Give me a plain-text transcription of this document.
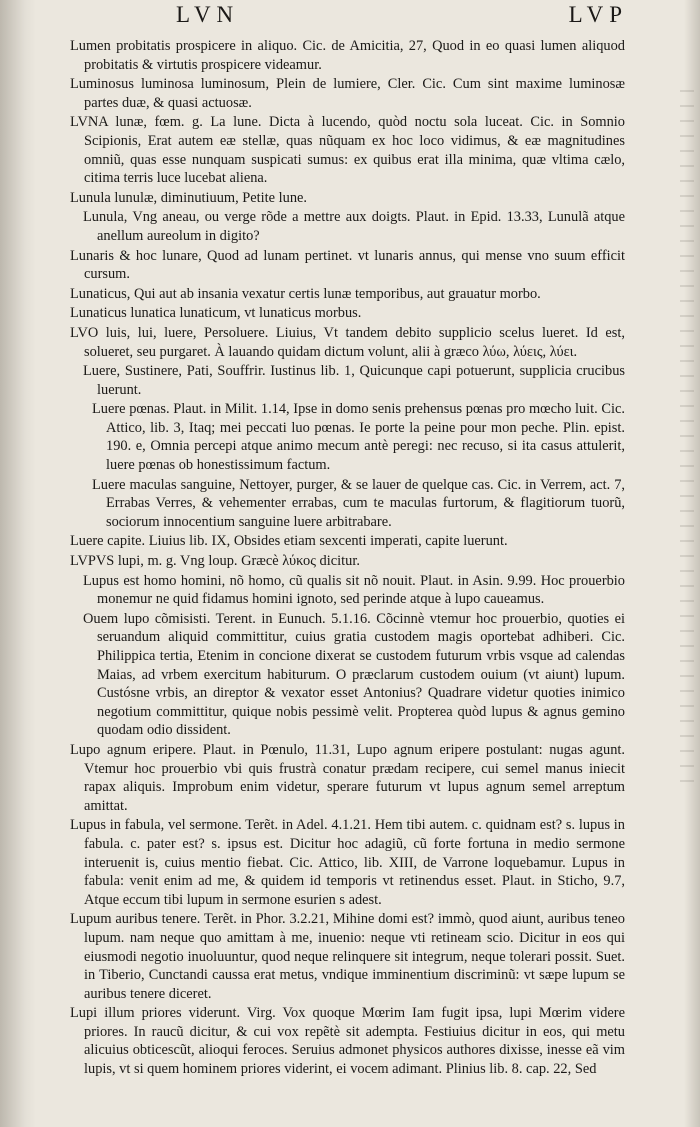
LVN	LVP

Lumen probitatis prospicere in aliquo. Cic. de Amicitia, 27, Quod in eo quasi lumen aliquod probitatis & virtutis prospicere videamur.

Luminosus luminosa luminosum, Plein de lumiere, Cler. Cic. Cum sint maxime luminosæ partes duæ, & quasi actuosæ.

LVNA lunæ, fœm. g. La lune. Dicta à lucendo, quòd noctu sola luceat. Cic. in Somnio Scipionis, Erat autem eæ stellæ, quas nũquam ex hoc loco vidimus, & eæ magnitudines omniũ, quas esse nunquam suspicati sumus: ex quibus erat illa minima, quæ vltima cælo, citima terris luce lucebat aliena.

Lunula lunulæ, diminutiuum, Petite lune.

Lunula, Vng aneau, ou verge rõde a mettre aux doigts. Plaut. in Epid. 13.33, Lunulã atque anellum aureolum in digito?

Lunaris & hoc lunare, Quod ad lunam pertinet. vt lunaris annus, qui mense vno suum efficit cursum.

Lunaticus, Qui aut ab insania vexatur certis lunæ temporibus, aut grauatur morbo.

Lunaticus lunatica lunaticum, vt lunaticus morbus.

LVO luis, lui, luere, Persoluere. Liuius, Vt tandem debito supplicio scelus lueret. Id est, solueret, seu purgaret. À lauando quidam dictum volunt, alii à græco λύω, λύεις, λύει.

Luere, Sustinere, Pati, Souffrir. Iustinus lib. 1, Quicunque capi potuerunt, supplicia crucibus luerunt.

Luere pœnas. Plaut. in Milit. 1.14, Ipse in domo senis prehensus pœnas pro mœcho luit. Cic. Attico, lib. 3, Itaq; mei peccati luo pœnas. Ie porte la peine pour mon peche. Plin. epist. 190. e, Omnia percepi atque animo mecum antè peregi: nec recuso, si ita casus attulerit, luere pœnas ob honestissimum factum.

Luere maculas sanguine, Nettoyer, purger, & se lauer de quelque cas. Cic. in Verrem, act. 7, Errabas Verres, & vehementer errabas, cum te maculas furtorum, & flagitiorum tuorũ, sociorum innocentium sanguine luere arbitrabare.

Luere capite. Liuius lib. IX, Obsides etiam sexcenti imperati, capite luerunt.

LVPVS lupi, m. g. Vng loup. Græcè λύκος dicitur.

Lupus est homo homini, nõ homo, cũ qualis sit nõ nouit. Plaut. in Asin. 9.99. Hoc prouerbio monemur ne quid fidamus homini ignoto, sed perinde atque à lupo caueamus.

Ouem lupo cõmisisti. Terent. in Eunuch. 5.1.16. Cõcinnè vtemur hoc prouerbio, quoties ei seruandum aliquid committitur, cuius gratia custodem magis oportebat adhiberi. Cic. Philippica tertia, Etenim in concione dixerat se custodem futurum vrbis vsque ad calendas Maias, ad vrbem exercitum habiturum. O præclarum custodem ouium (vt aiunt) lupum. Custósne vrbis, an direptor & vexator esset Antonius? Quadrare videtur quoties inimico negotium committitur, quique nobis pessimè velit. Propterea quòd lupus & agnus gemino quodam odio dissident.

Lupo agnum eripere. Plaut. in Pœnulo, 11.31, Lupo agnum eripere postulant: nugas agunt. Vtemur hoc prouerbio vbi quis frustrà conatur prædam recipere, cui semel manus iniecit rapax aliquis. Improbum enim videtur, sperare futurum vt lupus agnum semel arreptum amittat.

Lupus in fabula, vel sermone. Terẽt. in Adel. 4.1.21. Hem tibi autem. c. quidnam est? s. lupus in fabula. c. pater est? s. ipsus est. Dicitur hoc adagiũ, cũ forte fortuna in medio sermone interuenit is, cuius mentio fiebat. Cic. Attico, lib. XIII, de Varrone loquebamur. Lupus in fabula: venit enim ad me, & quidem id temporis vt retinendus esset. Plaut. in Sticho, 9.7, Atque eccum tibi lupum in sermone esurien s adest.

Lupum auribus tenere. Terẽt. in Phor. 3.2.21, Mihine domi est? immò, quod aiunt, auribus teneo lupum. nam neque quo amittam à me, inuenio: neque vti retineam scio. Dicitur in eos qui eiusmodi negotio inuoluuntur, quod neque relinquere sit integrum, neque tolerari possit. Suet. in Tiberio, Cunctandi caussa erat metus, vndique imminentium discriminũ: vt sæpe lupum se auribus tenere diceret.

Lupi illum priores viderunt. Virg. Vox quoque Mœrim Iam fugit ipsa, lupi Mœrim videre priores. In raucũ dicitur, & cui vox repẽtè sit adempta. Festiuius dicitur in eos, qui metu alicuius obticescũt, alioqui feroces. Seruius admonet physicos authores dixisse, inesse eã vim lupis, vt si quem hominem priores viderint, ei vocem adimant. Plinius lib. 8. cap. 22, Sed
